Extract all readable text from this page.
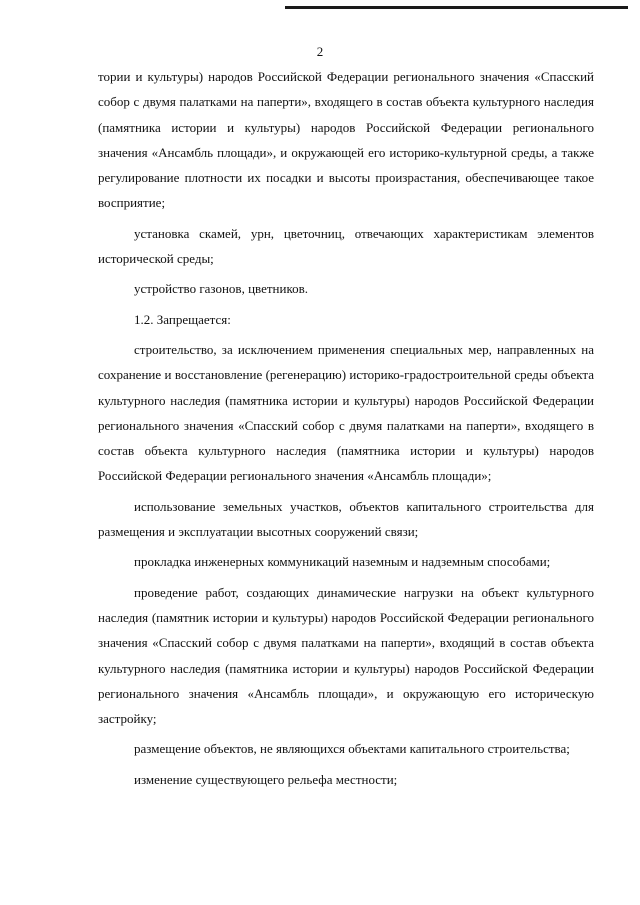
2

тории и культуры) народов Российской Федерации регионального значения «Спасский собор с двумя палатками на паперти», входящего в состав объекта культурного наследия (памятника истории и культуры) народов Российской Федерации регионального значения «Ансамбль площади», и окружающей его историко-культурной среды, а также регулирование плотности их посадки и высоты произрастания, обеспечивающее такое восприятие;

установка скамей, урн, цветочниц, отвечающих характеристикам элементов исторической среды;

устройство газонов, цветников.

1.2. Запрещается:

строительство, за исключением применения специальных мер, направленных на сохранение и восстановление (регенерацию) историко-градостроительной среды объекта культурного наследия (памятника истории и культуры) народов Российской Федерации регионального значения «Спасский собор с двумя палатками на паперти», входящего в состав объекта культурного наследия (памятника истории и культуры) народов Российской Федерации регионального значения «Ансамбль площади»;

использование земельных участков, объектов капитального строительства для размещения и эксплуатации высотных сооружений связи;

прокладка инженерных коммуникаций наземным и надземным способами;

проведение работ, создающих динамические нагрузки на объект культурного наследия (памятник истории и культуры) народов Российской Федерации регионального значения «Спасский собор с двумя палатками на паперти», входящий в состав объекта культурного наследия (памятника истории и культуры) народов Российской Федерации регионального значения «Ансамбль площади», и окружающую его историческую застройку;

размещение объектов, не являющихся объектами капитального строительства;

изменение существующего рельефа местности;
